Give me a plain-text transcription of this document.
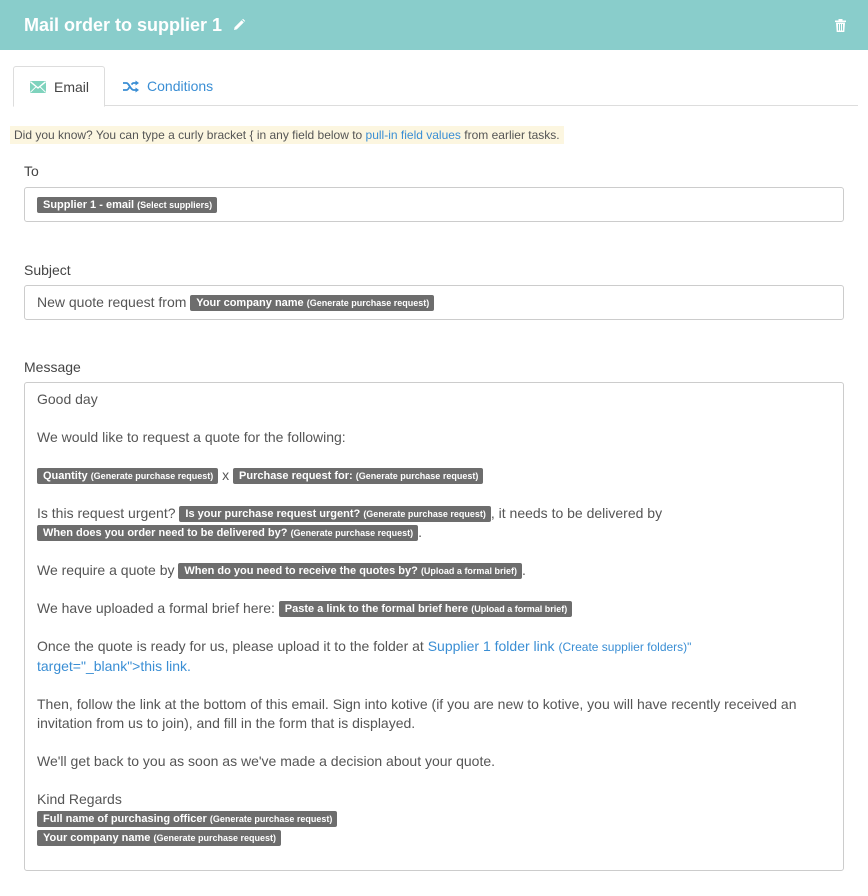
Mail order to supplier 1
Email	Conditions
Did you know? You can type a curly bracket { in any field below to pull-in field values from earlier tasks.
To
Supplier 1 - email (Select suppliers)
Subject
New quote request from Your company name (Generate purchase request)
Message

Good day

We would like to request a quote for the following:

Quantity (Generate purchase request) x Purchase request for: (Generate purchase request)

Is this request urgent? Is your purchase request urgent? (Generate purchase request) , it needs to be delivered by

When does you order need to be delivered by? (Generate purchase request) .

We require a quote by When do you need to receive the quotes by? (Upload a formal brief) .

We have uploaded a formal brief here: Paste a link to the formal brief here (Upload a formal brief)

Once the quote is ready for us, please upload it to the folder at Supplier 1 folder link (Create supplier folders)"
target="_blank">this link.

Then, follow the link at the bottom of this email. Sign into kotive (if you are new to kotive, you will have recently received an invitation from us to join), and fill in the form that is displayed.

We'll get back to you as soon as we've made a decision about your quote.

Kind Regards

Full name of purchasing officer (Generate purchase request)

Your company name (Generate purchase request)
